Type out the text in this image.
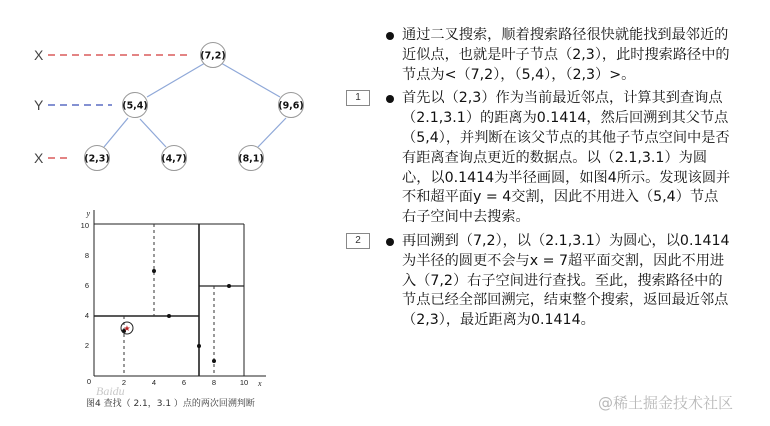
X
Y
X
(7,2)
(5,4)	(9,6)
(2,3)	(4,7)	(8,1)
y
x
10
8
6
4
2
0	2	4	6	8	10
★
Baidu
图4 查找（ 2.1，3.1 ）点的两次回溯判断
通过二叉搜索，顺着搜索路径很快就能找到最邻近的近似点，也就是叶子节点（2,3），此时搜索路径中的节点为<（7,2），（5,4），（2,3）>。
1	首先以（2,3）作为当前最近邻点，计算其到查询点（2.1,3.1）的距离为0.1414，然后回溯到其父节点（5,4），并判断在该父节点的其他子节点空间中是否有距离查询点更近的数据点。以（2.1,3.1）为圆心，以0.1414为半径画圆，如图4所示。发现该圆并不和超平面y = 4交割，因此不用进入（5,4）节点右子空间中去搜索。
2	再回溯到（7,2），以（2.1,3.1）为圆心，以0.1414为半径的圆更不会与x = 7超平面交割，因此不用进入（7,2）右子空间进行查找。至此，搜索路径中的节点已经全部回溯完，结束整个搜索，返回最近邻点（2,3），最近距离为0.1414。
@稀土掘金技术社区
